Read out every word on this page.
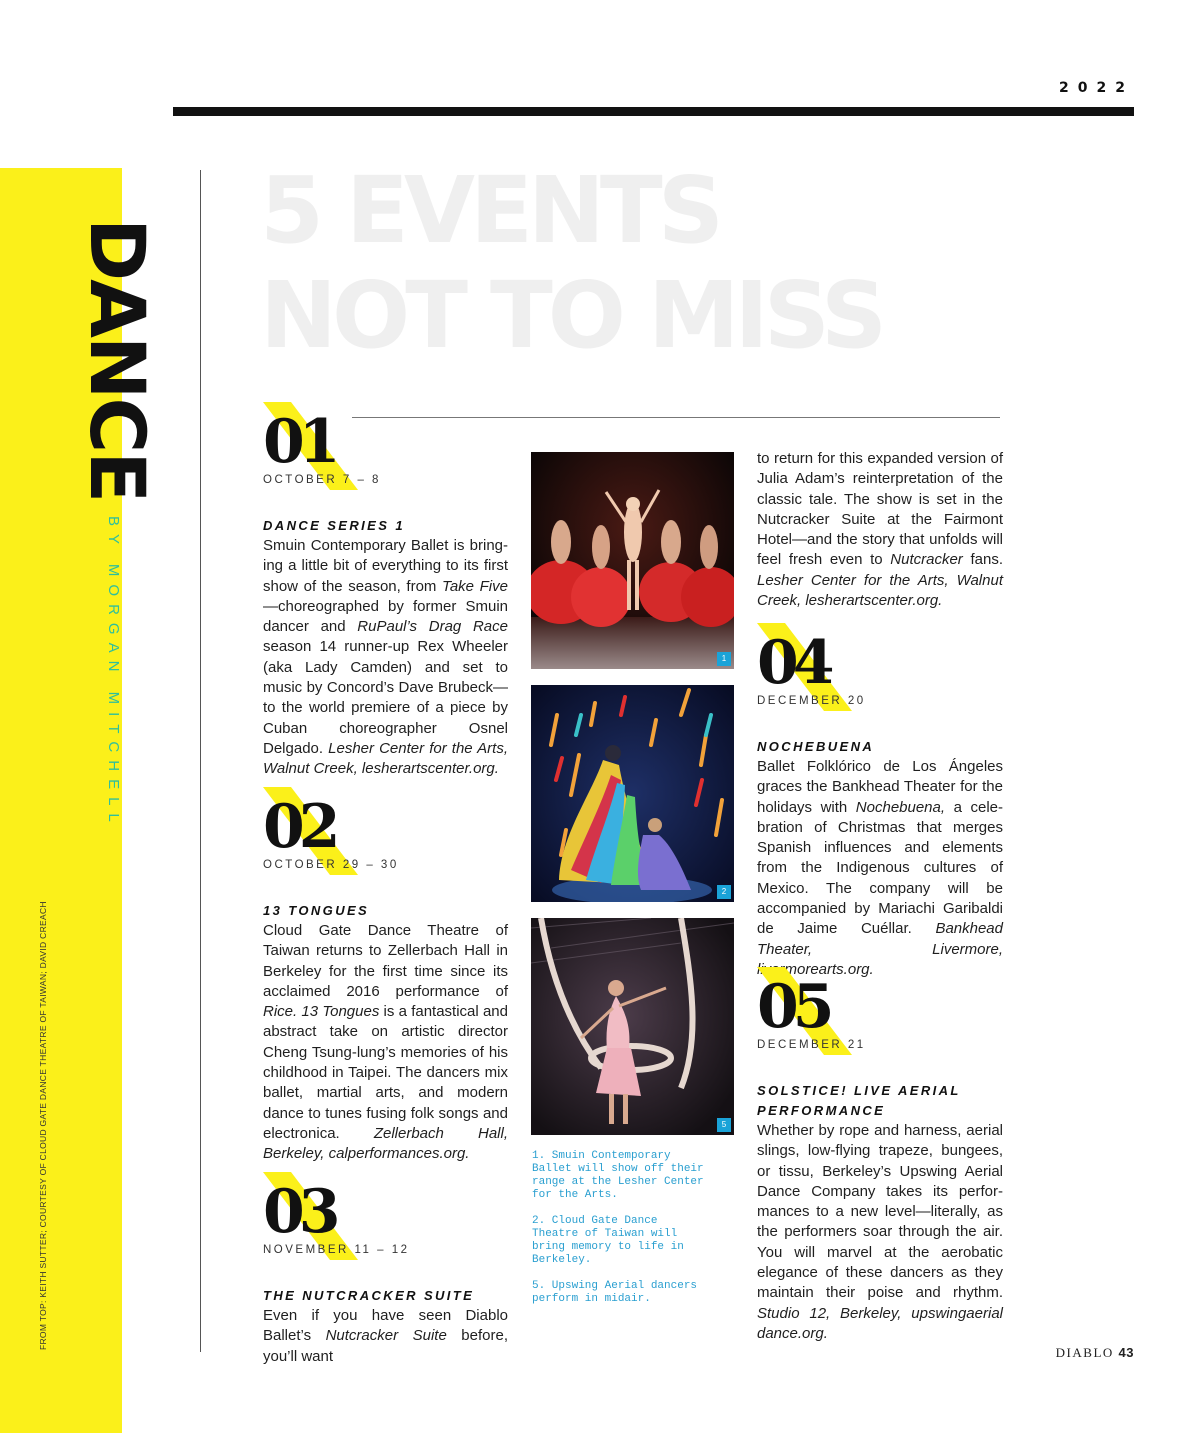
2022
FROM TOP: KEITH SUTTER; COURTESY OF CLOUD GATE DANCE THEATRE OF TAIWAN; DAVID CREACH
DANCE
BY MORGAN MITCHELL
5 EVENTS
NOT TO MISS
01
OCTOBER 7 – 8

DANCE SERIES 1

Smuin Contemporary Ballet is bringing a little bit of everything to its first show of the season, from Take Five—choreographed by former Smuin dancer and RuPaul’s Drag Race season 14 runner-up Rex Wheeler (aka Lady Camden) and set to music by Concord’s Dave Brubeck—to the world premiere of a piece by Cuban choreographer Osnel Delgado. Lesher Center for the Arts, Walnut Creek, lesherartscenter.org.

02
OCTOBER 29 – 30

13 TONGUES

Cloud Gate Dance Theatre of Taiwan returns to Zellerbach Hall in Berkeley for the first time since its acclaimed 2016 performance of Rice. 13 Tongues is a fantastical and abstract take on artistic director Cheng Tsung-lung’s memories of his childhood in Taipei. The dancers mix ballet, martial arts, and modern dance to tunes fusing folk songs and electronica. Zellerbach Hall, Berkeley, calperformances.org.

03
NOVEMBER 11 – 12

THE NUTCRACKER SUITE

Even if you have seen Diablo Ballet’s Nutcracker Suite before, you’ll want

1
2
5

1. Smuin Contemporary Ballet will show off their range at the Lesher Center for the Arts.

2. Cloud Gate Dance Theatre of Taiwan will bring memory to life in Berkeley.

5. Upswing Aerial dancers perform in midair.

to return for this expanded version of Julia Adam’s reinterpretation of the classic tale. The show is set in the Nutcracker Suite at the Fairmont Hotel—and the story that unfolds will feel fresh even to Nutcracker fans. Lesher Center for the Arts, Walnut Creek, lesherartscenter.org.

04
DECEMBER 20

NOCHEBUENA

Ballet Folklórico de Los Ángeles graces the Bankhead Theater for the holidays with Nochebuena, a celebration of Christmas that merges Spanish influences and elements from the Indigenous cultures of Mexico. The company will be accompanied by Mariachi Garibaldi de Jaime Cuéllar. Bankhead Theater, Livermore, livermorearts.org.

05
DECEMBER 21

SOLSTICE! LIVE AERIAL PERFORMANCE

Whether by rope and harness, aerial slings, low-flying trapeze, bungees, or tissu, Berkeley’s Upswing Aerial Dance Company takes its performances to a new level—literally, as the performers soar through the air. You will marvel at the aerobatic elegance of these dancers as they maintain their poise and rhythm. Studio 12, Berkeley, upswingaerial dance.org.

DIABLO 43
